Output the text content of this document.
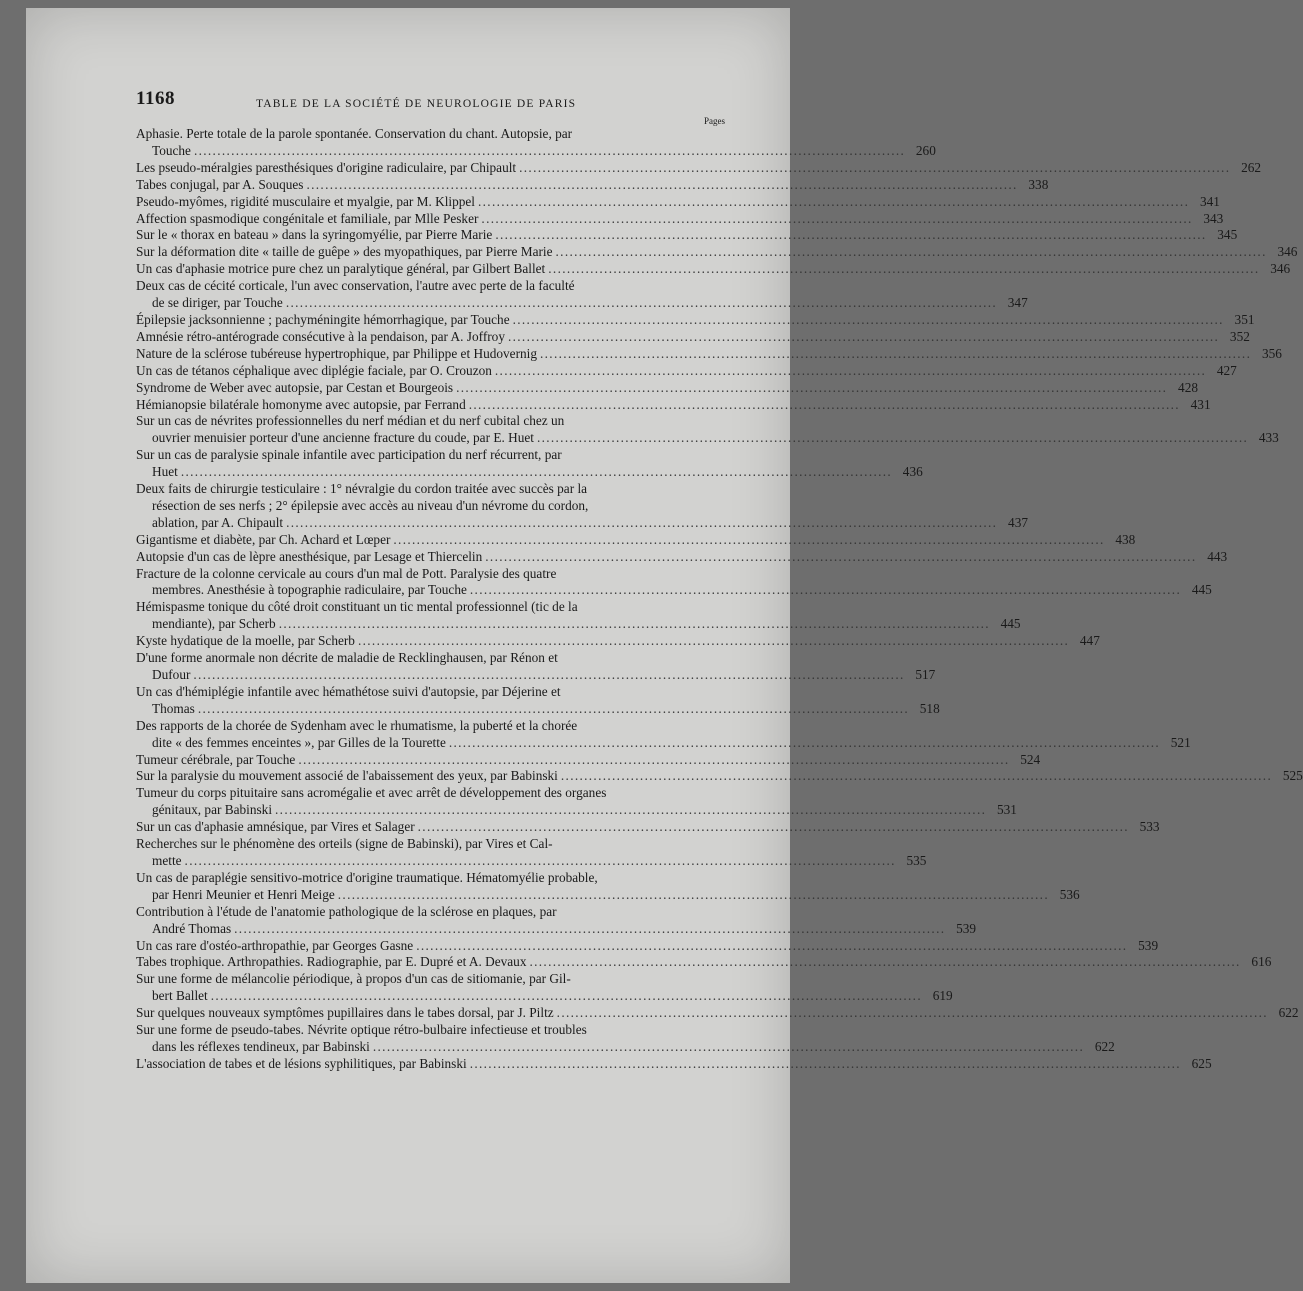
1168	TABLE DE LA SOCIÉTÉ DE NEUROLOGIE DE PARIS
Pages
Aphasie. Perte totale de la parole spontanée. Conservation du chant. Autopsie, par
Touche . . .	260
Les pseudo-méralgies paresthésiques d'origine radiculaire, par Chipault . . .	262
Tabes conjugal, par A. Souques . . .	338
Pseudo-myômes, rigidité musculaire et myalgie, par M. Klippel . . .	341
Affection spasmodique congénitale et familiale, par Mlle Pesker . . .	343
Sur le « thorax en bateau » dans la syringomyélie, par Pierre Marie . . .	345
Sur la déformation dite « taille de guêpe » des myopathiques, par Pierre Marie . . .	346
Un cas d'aphasie motrice pure chez un paralytique général, par Gilbert Ballet . . .	346
Deux cas de cécité corticale, l'un avec conservation, l'autre avec perte de la faculté
de se diriger, par Touche . . .	347
Épilepsie jacksonnienne ; pachyméningite hémorrhagique, par Touche . . .	351
Amnésie rétro-antérograde consécutive à la pendaison, par A. Joffroy . . .	352
Nature de la sclérose tubéreuse hypertrophique, par Philippe et Hudovernig . . .	356
Un cas de tétanos céphalique avec diplégie faciale, par O. Crouzon . . .	427
Syndrome de Weber avec autopsie, par Cestan et Bourgeois . . .	428
Hémianopsie bilatérale homonyme avec autopsie, par Ferrand . . .	431
Sur un cas de névrites professionnelles du nerf médian et du nerf cubital chez un
ouvrier menuisier porteur d'une ancienne fracture du coude, par E. Huet . . .	433
Sur un cas de paralysie spinale infantile avec participation du nerf récurrent, par
Huet . . .	436
Deux faits de chirurgie testiculaire : 1° névralgie du cordon traitée avec succès par la
résection de ses nerfs ; 2° épilepsie avec accès au niveau d'un névrome du cordon,
ablation, par A. Chipault . . .	437
Gigantisme et diabète, par Ch. Achard et Lœper . . .	438
Autopsie d'un cas de lèpre anesthésique, par Lesage et Thiercelin . . .	443
Fracture de la colonne cervicale au cours d'un mal de Pott. Paralysie des quatre
membres. Anesthésie à topographie radiculaire, par Touche . . .	445
Hémispasme tonique du côté droit constituant un tic mental professionnel (tic de la
mendiante), par Scherb . . .	445
Kyste hydatique de la moelle, par Scherb . . .	447
D'une forme anormale non décrite de maladie de Recklinghausen, par Rénon et
Dufour . . .	517
Un cas d'hémiplégie infantile avec hémathétose suivi d'autopsie, par Déjerine et
Thomas . . .	518
Des rapports de la chorée de Sydenham avec le rhumatisme, la puberté et la chorée
dite « des femmes enceintes », par Gilles de la Tourette . . .	521
Tumeur cérébrale, par Touche . . .	524
Sur la paralysie du mouvement associé de l'abaissement des yeux, par Babinski . . .	525
Tumeur du corps pituitaire sans acromégalie et avec arrêt de développement des organes
génitaux, par Babinski . . .	531
Sur un cas d'aphasie amnésique, par Vires et Salager . . .	533
Recherches sur le phénomène des orteils (signe de Babinski), par Vires et Cal-
mette . . .	535
Un cas de paraplégie sensitivo-motrice d'origine traumatique. Hématomyélie probable,
par Henri Meunier et Henri Meige . . .	536
Contribution à l'étude de l'anatomie pathologique de la sclérose en plaques, par
André Thomas . . .	539
Un cas rare d'ostéo-arthropathie, par Georges Gasne . . .	539
Tabes trophique. Arthropathies. Radiographie, par E. Dupré et A. Devaux . . .	616
Sur une forme de mélancolie périodique, à propos d'un cas de sitiomanie, par Gil-
bert Ballet . . .	619
Sur quelques nouveaux symptômes pupillaires dans le tabes dorsal, par J. Piltz . . .	622
Sur une forme de pseudo-tabes. Névrite optique rétro-bulbaire infectieuse et troubles
dans les réflexes tendineux, par Babinski . . .	622
L'association de tabes et de lésions syphilitiques, par Babinski . . .	625
